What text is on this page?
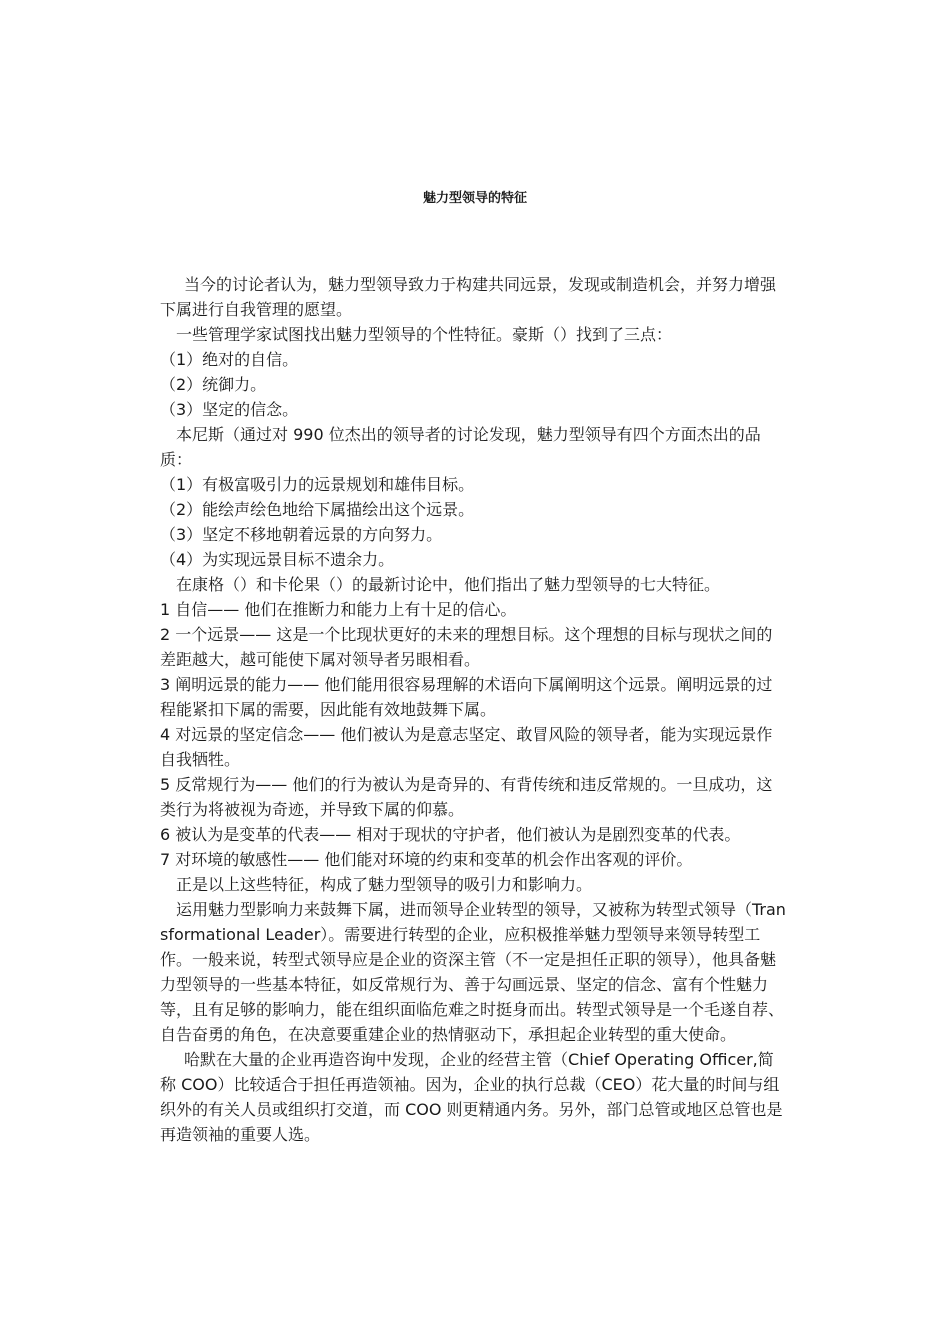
魅力型领导的特征

当今的讨论者认为，魅力型领导致力于构建共同远景，发现或制造机会，并努力增强下属进行自我管理的愿望。

一些管理学家试图找出魅力型领导的个性特征。豪斯（）找到了三点：

（1）绝对的自信。

（2）统御力。

（3）坚定的信念。

本尼斯（通过对 990 位杰出的领导者的讨论发现，魅力型领导有四个方面杰出的品质：

（1）有极富吸引力的远景规划和雄伟目标。

（2）能绘声绘色地给下属描绘出这个远景。

（3）坚定不移地朝着远景的方向努力。

（4）为实现远景目标不遗余力。

在康格（）和卡伦果（）的最新讨论中，他们指出了魅力型领导的七大特征。

1 自信—— 他们在推断力和能力上有十足的信心。

2 一个远景—— 这是一个比现状更好的未来的理想目标。这个理想的目标与现状之间的差距越大，越可能使下属对领导者另眼相看。

3 阐明远景的能力—— 他们能用很容易理解的术语向下属阐明这个远景。阐明远景的过程能紧扣下属的需要，因此能有效地鼓舞下属。

4 对远景的坚定信念—— 他们被认为是意志坚定、敢冒风险的领导者，能为实现远景作自我牺牲。

5 反常规行为—— 他们的行为被认为是奇异的、有背传统和违反常规的。一旦成功，这类行为将被视为奇迹，并导致下属的仰慕。

6 被认为是变革的代表—— 相对于现状的守护者，他们被认为是剧烈变革的代表。

7 对环境的敏感性—— 他们能对环境的约束和变革的机会作出客观的评价。

正是以上这些特征，构成了魅力型领导的吸引力和影响力。

运用魅力型影响力来鼓舞下属，进而领导企业转型的领导，又被称为转型式领导（Transformational Leader）。需要进行转型的企业，应积极推举魅力型领导来领导转型工作。一般来说，转型式领导应是企业的资深主管（不一定是担任正职的领导），他具备魅力型领导的一些基本特征，如反常规行为、善于勾画远景、坚定的信念、富有个性魅力等，且有足够的影响力，能在组织面临危难之时挺身而出。转型式领导是一个毛遂自荐、自告奋勇的角色，在决意要重建企业的热情驱动下，承担起企业转型的重大使命。

哈默在大量的企业再造咨询中发现，企业的经营主管（Chief Operating Officer,简称 COO）比较适合于担任再造领袖。因为，企业的执行总裁（CEO）花大量的时间与组织外的有关人员或组织打交道，而 COO 则更精通内务。另外，部门总管或地区总管也是再造领袖的重要人选。
